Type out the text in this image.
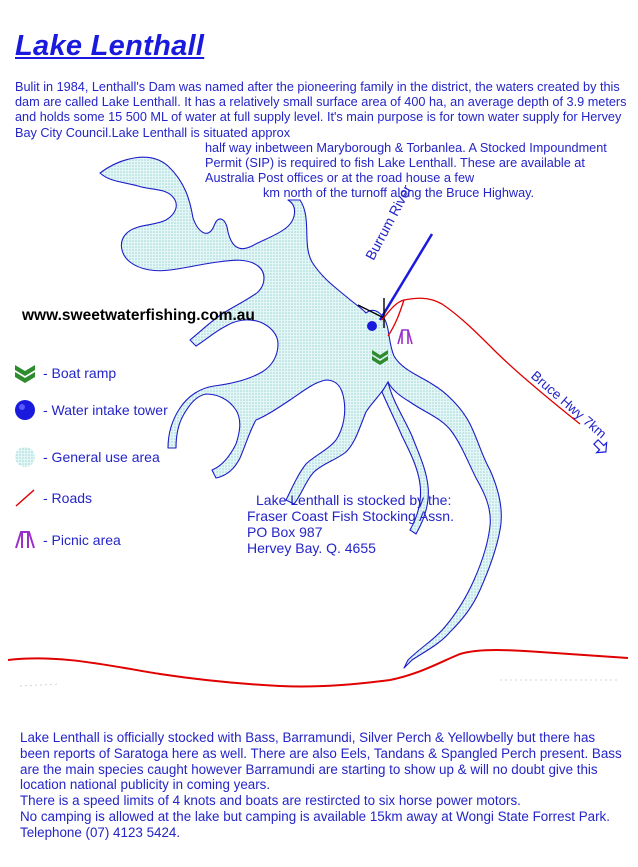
Lake Lenthall
Bulit in 1984, Lenthall's Dam was named after the pioneering family in the district, the waters created by this dam are called Lake Lenthall. It has a relatively small surface area of 400 ha, an average depth of 3.9 meters and holds some 15 500 ML of water at full supply level. It's main purpose is for town water supply for Hervey Bay City Council.Lake Lenthall is situated approx
half way inbetween Maryborough & Torbanlea. A Stocked Impoundment Permit (SIP) is required to fish Lake Lenthall. These are available at Australia Post offices or at the road house a few
km north of the turnoff along the Bruce Highway.
Burrum River
Bruce Hwy 7km
www.sweetwaterfishing.com.au
- Boat ramp
- Water intake tower
- General use area
- Roads
- Picnic area
Lake Lenthall is stocked by the:
Fraser Coast Fish Stocking Assn.
PO Box 987
Hervey Bay. Q. 4655
Lake Lenthall is officially stocked with Bass, Barramundi, Silver Perch & Yellowbelly but there has been reports of Saratoga here as well. There are also Eels, Tandans & Spangled Perch present. Bass are the main species caught however Barramundi are starting to show up & will no doubt give this location national publicity in coming years.
There is a speed limits of 4 knots and boats are restircted to six horse power motors.
No camping is allowed at the lake but camping is available 15km away at Wongi State Forrest Park. Telephone (07) 4123 5424.
